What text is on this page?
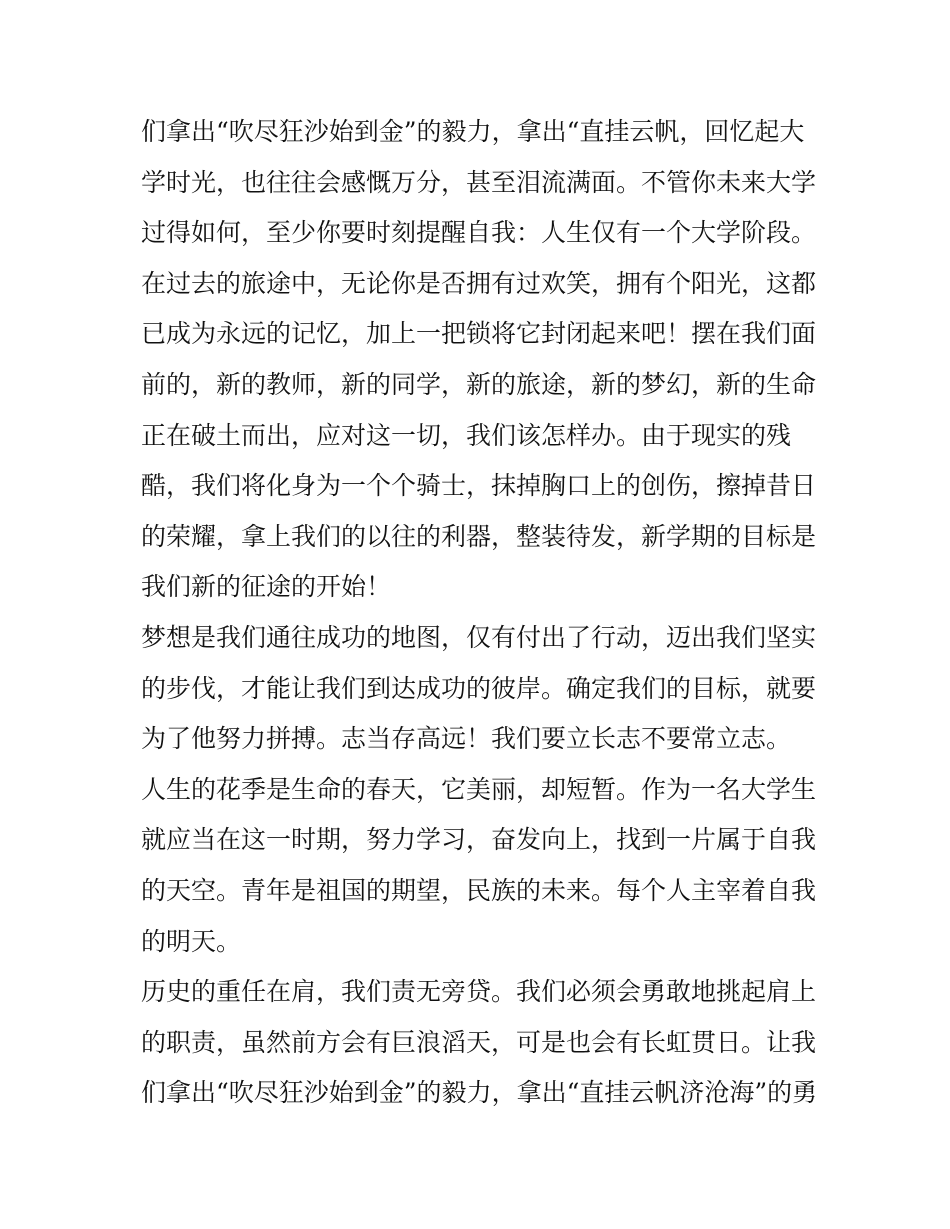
们拿出“吹尽狂沙始到金”的毅力，拿出“直挂云帆，回忆起大
学时光，也往往会感慨万分，甚至泪流满面。不管你未来大学
过得如何，至少你要时刻提醒自我：人生仅有一个大学阶段。
在过去的旅途中，无论你是否拥有过欢笑，拥有个阳光，这都
已成为永远的记忆，加上一把锁将它封闭起来吧！摆在我们面
前的，新的教师，新的同学，新的旅途，新的梦幻，新的生命
正在破土而出，应对这一切，我们该怎样办。由于现实的残
酷，我们将化身为一个个骑士，抹掉胸口上的创伤，擦掉昔日
的荣耀，拿上我们的以往的利器，整装待发，新学期的目标是
我们新的征途的开始！
梦想是我们通往成功的地图，仅有付出了行动，迈出我们坚实
的步伐，才能让我们到达成功的彼岸。确定我们的目标，就要
为了他努力拼搏。志当存高远！我们要立长志不要常立志。
人生的花季是生命的春天，它美丽，却短暂。作为一名大学生
就应当在这一时期，努力学习，奋发向上，找到一片属于自我
的天空。青年是祖国的期望，民族的未来。每个人主宰着自我
的明天。
历史的重任在肩，我们责无旁贷。我们必须会勇敢地挑起肩上
的职责，虽然前方会有巨浪滔天，可是也会有长虹贯日。让我
们拿出“吹尽狂沙始到金”的毅力，拿出“直挂云帆济沧海”的勇
